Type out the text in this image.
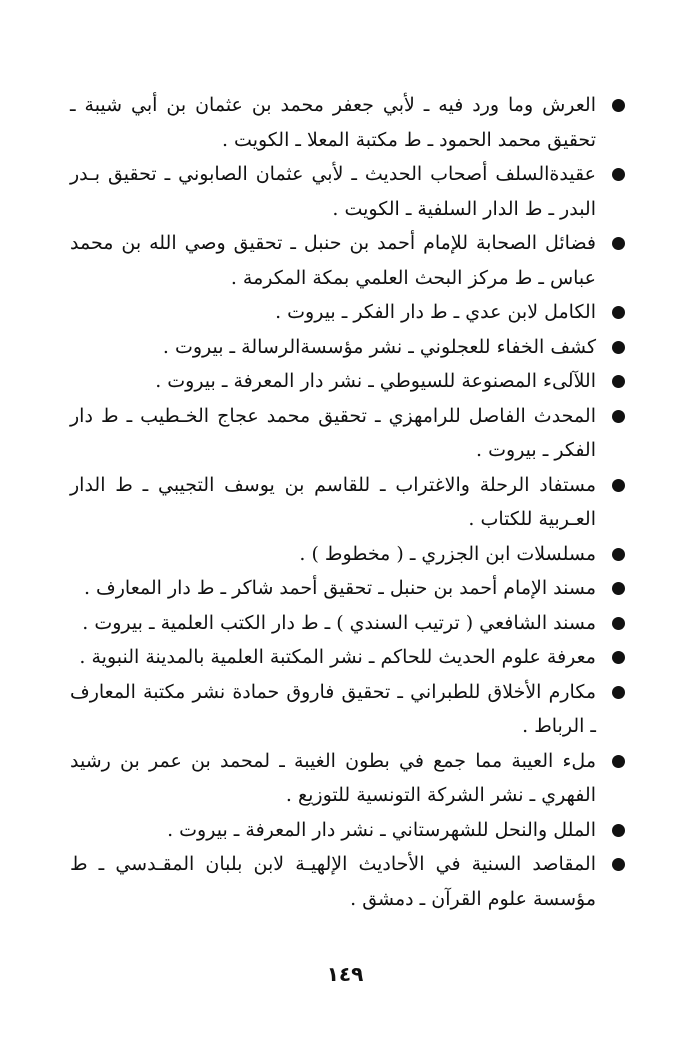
العرش وما ورد فيه ـ لأبي جعفر محمد بن عثمان بن أبي شيبة ـ تحقيق محمد الحمود ـ ط مكتبة المعلا ـ الكويت .
عقيدةالسلف أصحاب الحديث ـ لأبي عثمان الصابوني ـ تحقيق بـدر البدر ـ ط الدار السلفية ـ الكويت .
فضائل الصحابة للإمام أحمد بن حنبل ـ تحقيق وصي الله بن محمد عباس ـ ط مركز البحث العلمي بمكة المكرمة .
الكامل لابن عدي ـ ط دار الفكر ـ بيروت .
كشف الخفاء للعجلوني ـ نشر مؤسسةالرسالة ـ بيروت .
اللآلىء المصنوعة للسيوطي ـ نشر دار المعرفة ـ بيروت .
المحدث الفاصل للرامهزي ـ تحقيق محمد عجاج الخـطيب ـ ط دار الفكر ـ بيروت .
مستفاد الرحلة والاغتراب ـ للقاسم بن يوسف التجيبي ـ ط الدار العـربية للكتاب .
مسلسلات ابن الجزري ـ ( مخطوط ) .
مسند الإمام أحمد بن حنبل ـ تحقيق أحمد شاكر ـ ط دار المعارف .
مسند الشافعي ( ترتيب السندي ) ـ ط دار الكتب العلمية ـ بيروت .
معرفة علوم الحديث للحاكم ـ نشر المكتبة العلمية بالمدينة النبوية .
مكارم الأخلاق للطبراني ـ تحقيق فاروق حمادة نشر مكتبة المعارف ـ الرباط .
ملء العيبة مما جمع في بطون الغيبة ـ لمحمد بن عمر بن رشيد الفهري ـ نشر الشركة التونسية للتوزيع .
الملل والنحل للشهرستاني ـ نشر دار المعرفة ـ بيروت .
المقاصد السنية في الأحاديث الإلهيـة لابن بلبان المقـدسي ـ ط مؤسسة علوم القرآن ـ دمشق .
١٤٩
